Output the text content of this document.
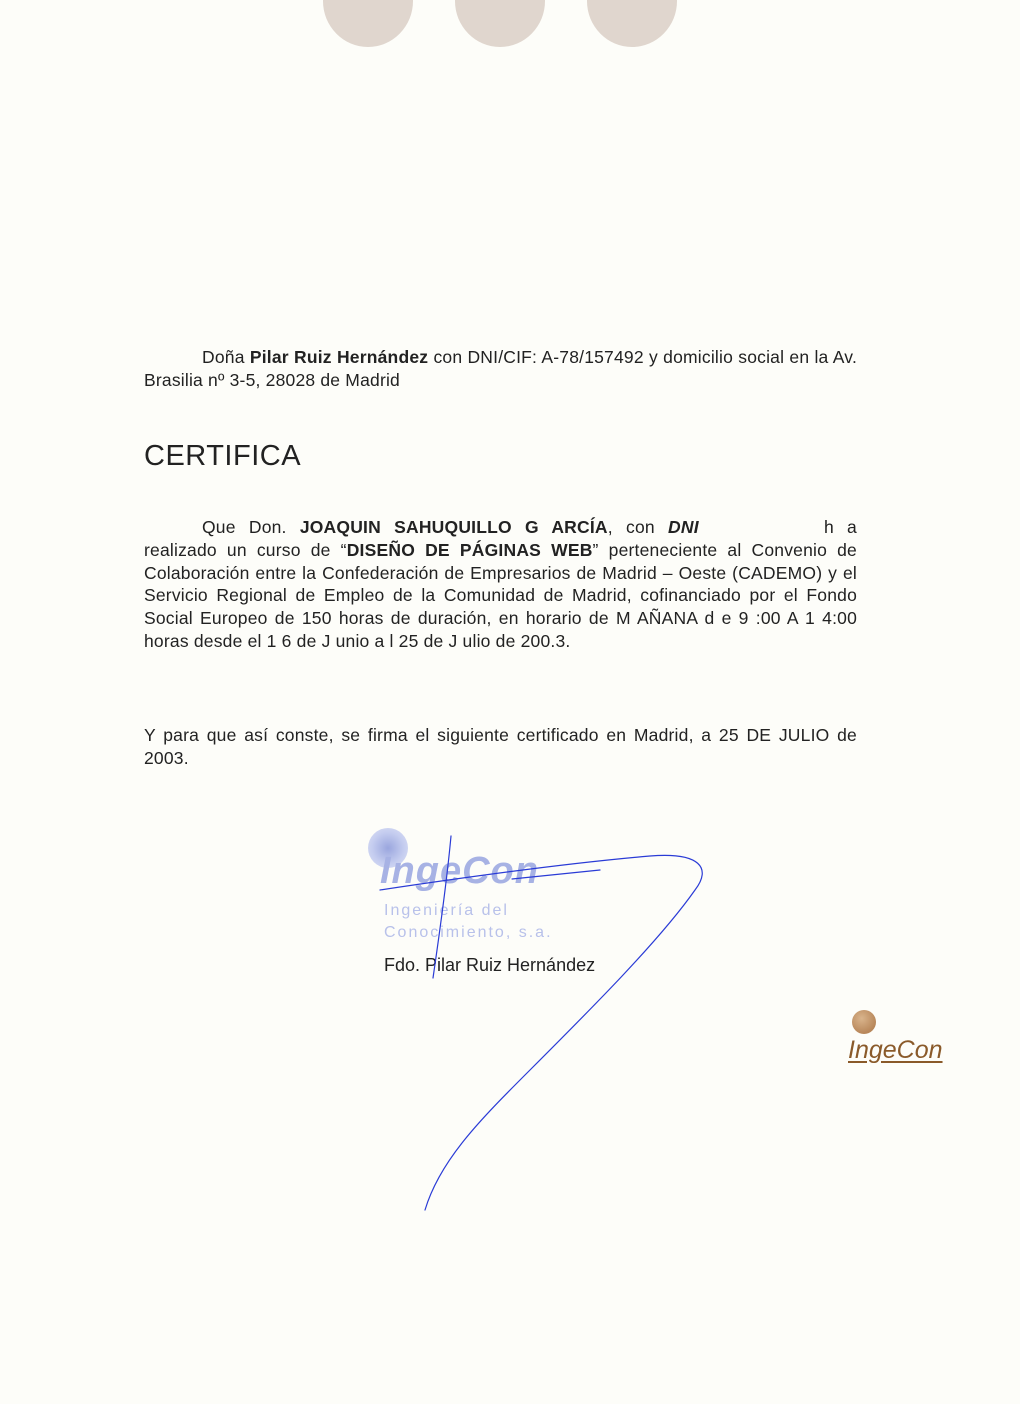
Doña Pilar Ruiz Hernández con DNI/CIF: A-78/157492 y domicilio social en la Av. Brasilia nº 3-5, 28028 de Madrid

CERTIFICA

Que Don. JOAQUIN SAHUQUILLO G ARCÍA, con DNI	h a realizado un curso de “DISEÑO DE PÁGINAS WEB” perteneciente al Convenio de Colaboración entre la Confederación de Empresarios de Madrid – Oeste (CADEMO) y el Servicio Regional de Empleo de la Comunidad de Madrid, cofinanciado por el Fondo Social Europeo de 150 horas de duración, en horario de M AÑANA d e 9 :00 A 1 4:00 horas desde el 1 6 de J unio a l 25 de J ulio de 200.3.

Y para que así conste, se firma el siguiente certificado en Madrid, a 25 DE JULIO de 2003.

IngeCon

Ingeniería del

Conocimiento, s.a.

Fdo. Pilar Ruiz Hernández

IngeCon
